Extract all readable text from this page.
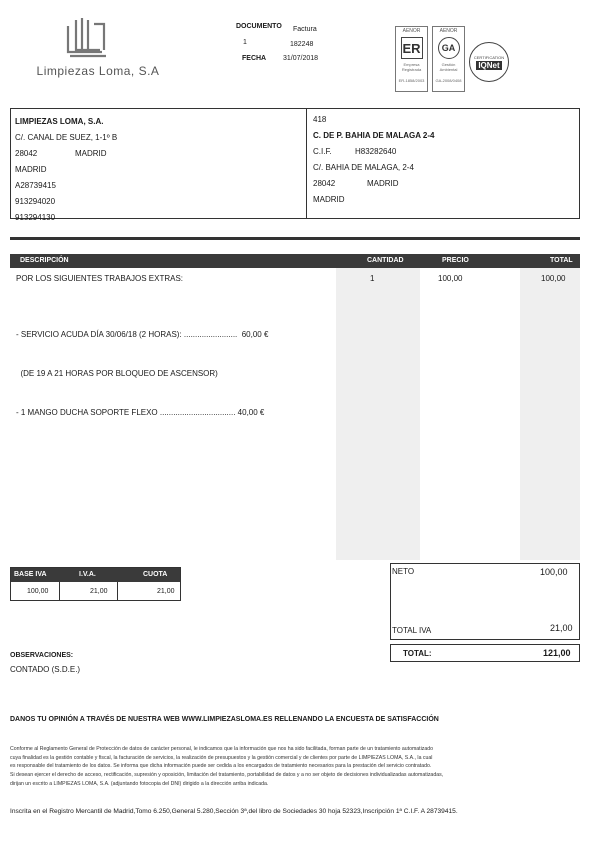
Limpiezas Loma, S.A
DOCUMENTO Factura
1	182248
FECHA 31/07/2018
AENOR
ER
Empresa Registrada
ER-1858/2003
AENOR
GA
Gestión Ambiental
GA-2008/0408
CERTIFICATION
IQNet
LIMPIEZAS LOMA, S.A.
C/. CANAL DE SUEZ, 1-1º B
28042	MADRID
MADRID
A28739415
913294020
913294130
418
C. DE P. BAHIA DE MALAGA 2-4
C.I.F.	H83282640
C/. BAHIA DE MALAGA, 2-4
28042	MADRID
MADRID
DESCRIPCIÓN	CANTIDAD	PRECIO	TOTAL
POR LOS SIGUIENTES TRABAJOS EXTRAS:	1	100,00	100,00

- SERVICIO ACUDA DÍA 30/06/18 (2 HORAS): ........................  60,00 €

(DE 19 A 21 HORAS POR BLOQUEO DE ASCENSOR)

- 1 MANGO DUCHA SOPORTE FLEXO .................................. 40,00 €

BASE IVA	I.V.A.	CUOTA
100,00	21,00	21,00
NETO	100,00
TOTAL IVA	21,00
TOTAL:	121,00
OBSERVACIONES:
CONTADO (S.D.E.)
DANOS TU OPINIÓN A TRAVÉS DE NUESTRA WEB WWW.LIMPIEZASLOMA.ES RELLENANDO LA ENCUESTA DE SATISFACCIÓN
Conforme al Reglamento General de Protección de datos de carácter personal, le indicamos que la información que nos ha sido facilitada, forman parte de un tratamiento automatizado
cuya finalidad es la gestión contable y fiscal, la facturación de servicios, la realización de presupuestos y la gestión comercial y de clientes por parte de LIMPIEZAS LOMA, S.A., la cual
es responsable del tratamiento de los datos. Se informa que dicha información puede ser cedida a los encargados de tratamiento necesarios para la prestación del servicio contratado.
Si desean ejercer el derecho de acceso, rectificación, supresión y oposición, limitación del tratamiento, portabilidad de datos y a no ser objeto de decisiones individualizadas automatizadas,
dirijan un escrito a LIMPIEZAS LOMA, S.A. (adjuntando fotocopia del DNI) dirigido a la dirección arriba indicada.
Inscrita en el Registro Mercantil de Madrid,Tomo 6.250,General 5.280,Sección 3ª,del libro de Sociedades 30 hoja 52323,Inscripción 1ª C.I.F. A 28739415.
